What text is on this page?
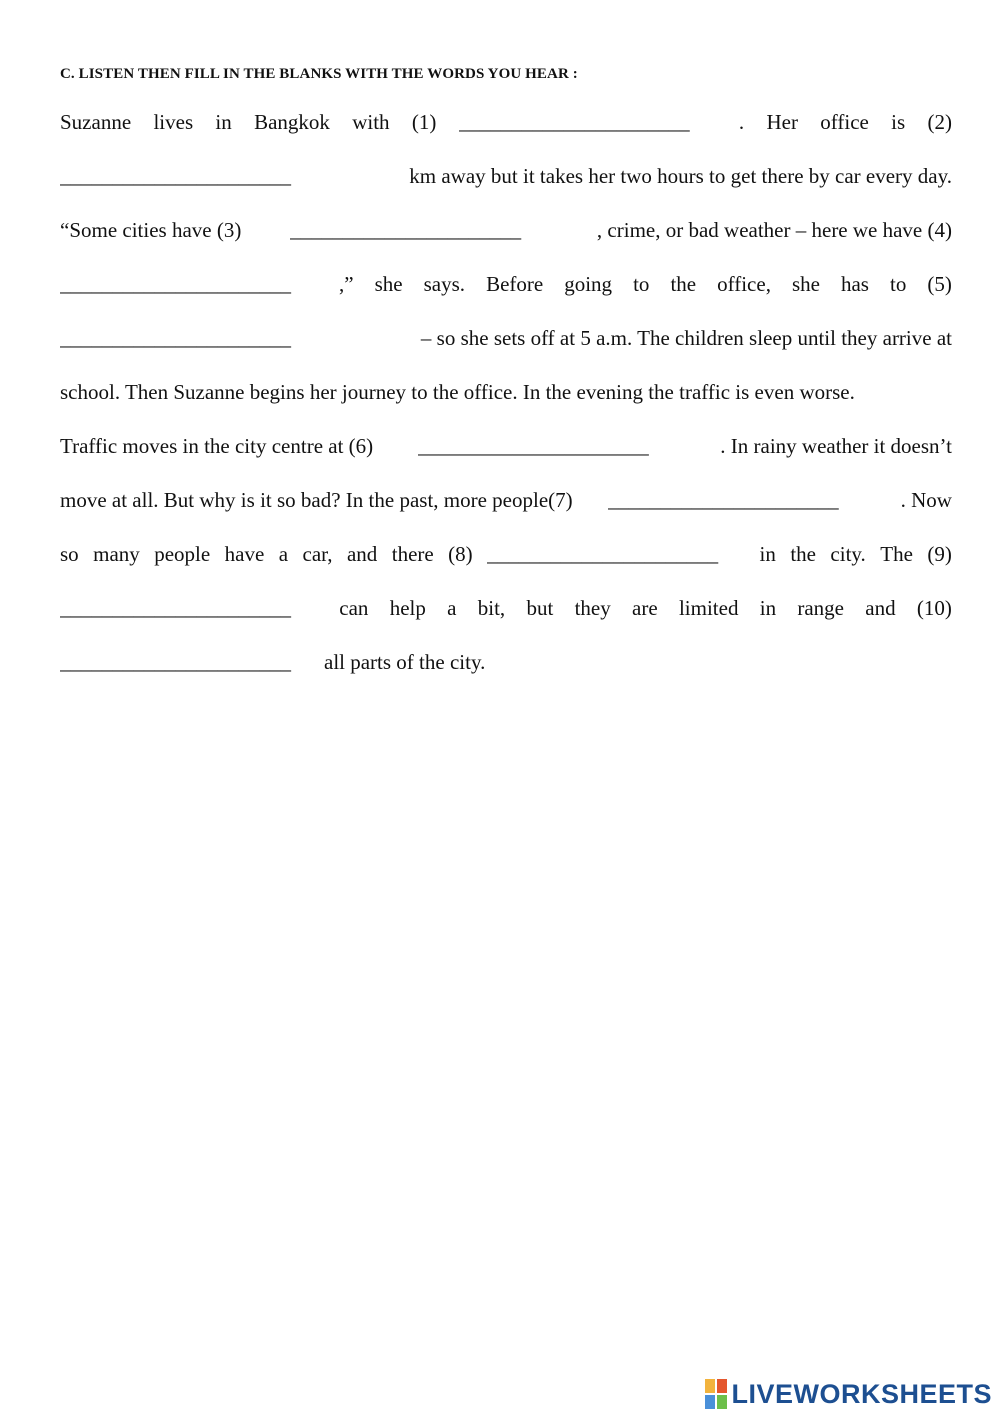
C. LISTEN THEN FILL IN THE BLANKS WITH THE WORDS YOU HEAR :
Suzanne lives in Bangkok with (1) ______________________	. Her office is (2)
______________________	km away but it takes her two hours to get there by car every day.
“Some cities have (3) ______________________	, crime, or bad weather – here we have (4)
______________________	,” she says. Before going to the office, she has to (5)
______________________	– so she sets off at 5 a.m. The children sleep until they arrive at
school. Then Suzanne begins her journey to the office. In the evening the traffic is even worse.
Traffic moves in the city centre at (6) ______________________	. In rainy weather it doesn’t
move at all. But why is it so bad? In the past, more people(7) ______________________	. Now
so many people have a car, and there (8) ______________________	in the city. The (9)
______________________	can help a bit, but they are limited in range and (10)
______________________	all parts of the city.
LIVEWORKSHEETS
